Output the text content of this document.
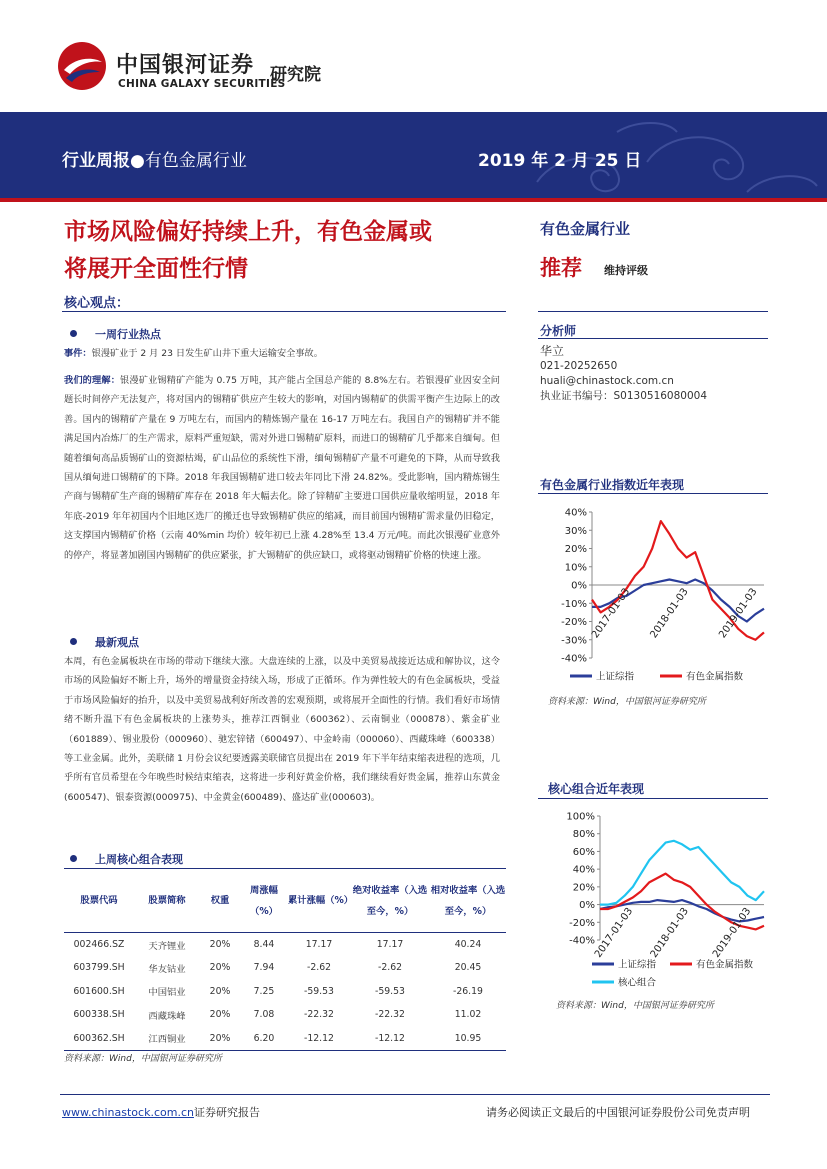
中国银河证券
CHINA GALAXY SECURITIES
研究院
行业周报●有色金属行业	2019 年 2 月 25 日
市场风险偏好持续上升，有色金属或
将展开全面性行情
核心观点：
有色金属行业
推荐 维持评级
分析师
华立
021-20252650
huali@chinastock.com.cn
执业证书编号：S0130516080004
有色金属行业指数近年表现
40%
30%
20%
10%
0%
-10%
-20%
-30%
-40%
2017-01-03 2018-01-03	2019-01-03
上证综指	有色金属指数
资料来源：Wind，中国银河证券研究所
核心组合近年表现
100%
80%
60%
40%
20%
0%
-20%
-40%
2017-01-03 2018-01-03 2019-01-03
上证综指	有色金属指数
核心组合
资料来源：Wind，中国银河证券研究所
一周行业热点
事件：银漫矿业于 2 月 23 日发生矿山井下重大运输安全事故。
我们的理解：银漫矿业锡精矿产能为 0.75 万吨，其产能占全国总产能的 8.8%左右。若银漫矿业因安全问题长时间停产无法复产，将对国内的锡精矿供应产生较大的影响，对国内锡精矿的供需平衡产生边际上的改善。国内的锡精矿产量在 9 万吨左右，而国内的精炼锡产量在 16-17 万吨左右。我国自产的锡精矿并不能满足国内冶炼厂的生产需求，原料严重短缺，需对外进口锡精矿原料，而进口的锡精矿几乎都来自缅甸。但随着缅甸高品质锡矿山的资源枯竭，矿山品位的系统性下滑，缅甸锡精矿产量不可避免的下降，从而导致我国从缅甸进口锡精矿的下降。2018 年我国锡精矿进口较去年同比下滑 24.82%。受此影响，国内精炼锡生产商与锡精矿生产商的锡精矿库存在 2018 年大幅去化。除了锌精矿主要进口国供应量收缩明显，2018 年年底-2019 年年初国内个旧地区选厂的搬迁也导致锡精矿供应的缩减，而目前国内锡精矿需求量仍旧稳定，这支撑国内锡精矿价格（云南 40%min 均价）较年初已上涨 4.28%至 13.4 万元/吨。而此次银漫矿业意外的停产，将显著加剧国内锡精矿的供应紧张，扩大锡精矿的供应缺口，或将驱动锡精矿价格的快速上涨。
最新观点
本周，有色金属板块在市场的带动下继续大涨。大盘连续的上涨，以及中美贸易战接近达成和解协议，这令市场的风险偏好不断上升，场外的增量资金持续入场，形成了正循环。作为弹性较大的有色金属板块，受益于市场风险偏好的抬升，以及中美贸易战利好所改善的宏观预期，或将展开全面性的行情。我们看好市场情绪不断升温下有色金属板块的上涨势头，推荐江西铜业（600362）、云南铜业（000878）、紫金矿业（601889）、锡业股份（000960）、驰宏锌锗（600497）、中金岭南（000060）、西藏珠峰（600338）等工业金属。此外，美联储 1 月份会议纪要透露美联储官员提出在 2019 年下半年结束缩表进程的选项，几乎所有官员希望在今年晚些时候结束缩表，这将进一步利好黄金价格，我们继续看好贵金属，推荐山东黄金(600547)、银泰资源(000975)、中金黄金(600489)、盛达矿业(000603)。
上周核心组合表现
股票代码	股票简称	权重	周涨幅（%）	累计涨幅（%）	绝对收益率（入选至今，%）	相对收益率（入选至今，%）
002466.SZ	天齐锂业	20%	8.44	17.17	17.17	40.24
603799.SH	华友钴业	20%	7.94	-2.62	-2.62	20.45
601600.SH	中国铝业	20%	7.25	-59.53	-59.53	-26.19
600338.SH	西藏珠峰	20%	7.08	-22.32	-22.32	11.02
600362.SH	江西铜业	20%	6.20	-12.12	-12.12	10.95
资料来源：Wind，中国银河证券研究所
www.chinastock.com.cn证券研究报告	请务必阅读正文最后的中国银河证券股份公司免责声明
